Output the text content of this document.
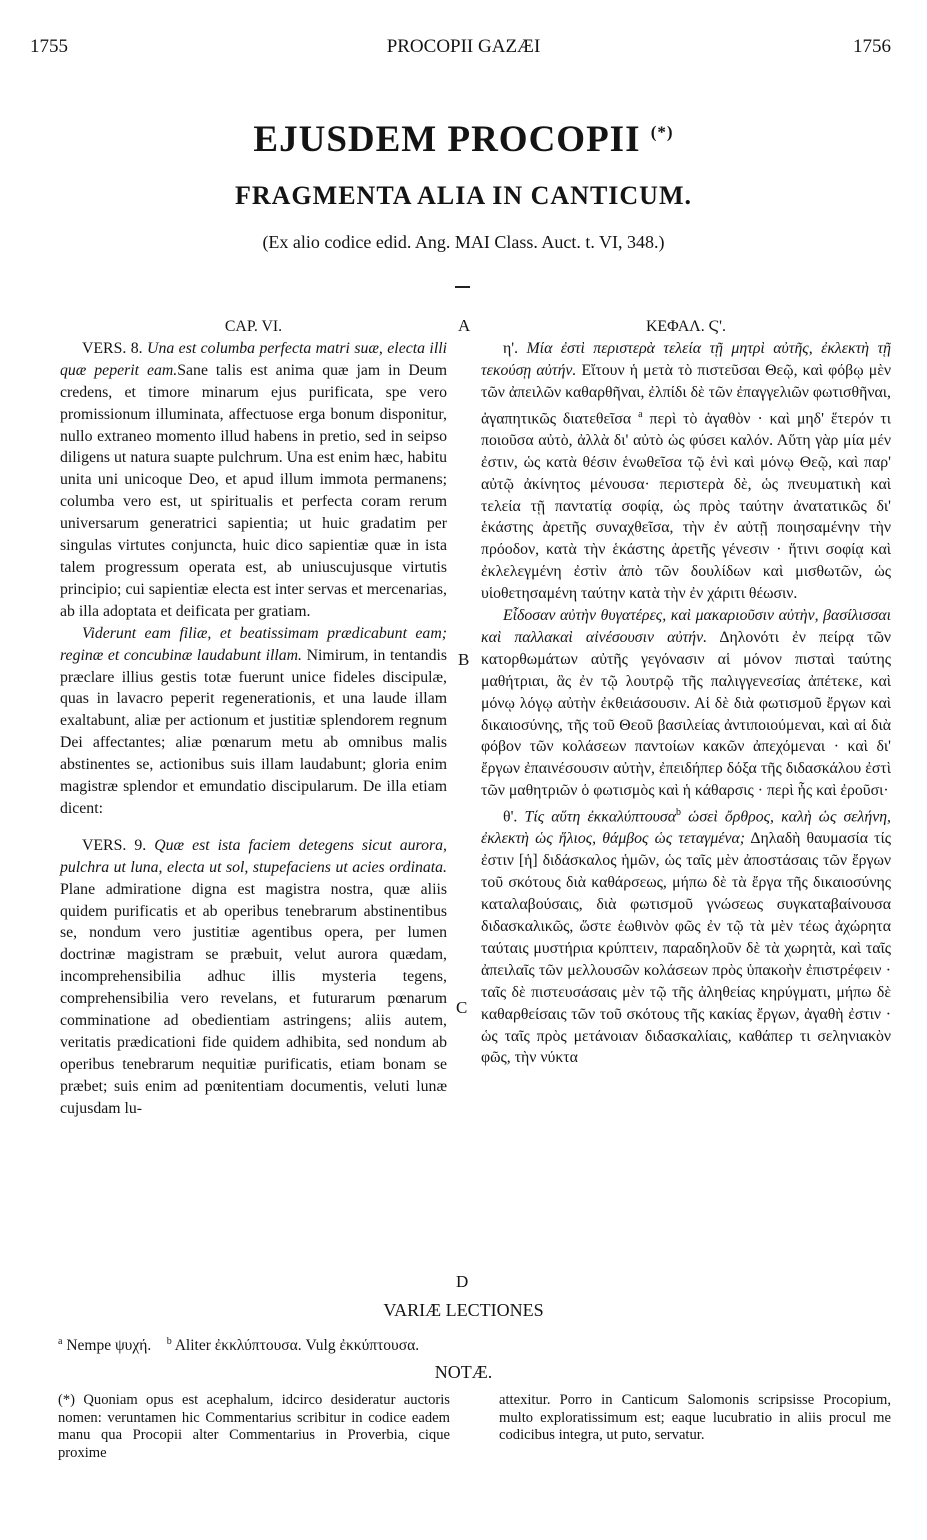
1755	PROCOPII GAZÆI	1756
EJUSDEM PROCOPII (*)
FRAGMENTA ALIA IN CANTICUM.
(Ex alio codice edid. Ang. MAI Class. Auct. t. VI, 348.)
A
B
C
D

CAP. VI.

VERS. 8. Una est columba perfecta matri suæ, electa illi quæ peperit eam.Sane talis est anima quæ jam in Deum credens, et timore minarum ejus purificata, spe vero promissionum illuminata, affectuose erga bonum disponitur, nullo extraneo momento illud habens in pretio, sed in seipso diligens ut natura suapte pulchrum. Una est enim hæc, habitu unita uni unicoque Deo, et apud illum immota permanens; columba vero est, ut spiritualis et perfecta coram rerum universarum generatrici sapientia; ut huic gradatim per singulas virtutes conjuncta, huic dico sapientiæ quæ in ista talem progressum operata est, ab uniuscujusque virtutis principio; cui sapientiæ electa est inter servas et mercenarias, ab illa adoptata et deificata per gratiam.

Viderunt eam filiæ, et beatissimam prædicabunt eam; reginæ et concubinæ laudabunt illam. Nimirum, in tentandis præclare illius gestis totæ fuerunt unice fideles discipulæ, quas in lavacro peperit regenerationis, et una laude illam exaltabunt, aliæ per actionum et justitiæ splendorem regnum Dei affectantes; aliæ pœnarum metu ab omnibus malis abstinentes se, actionibus suis illam laudabunt; gloria enim magistræ splendor et emundatio discipularum. De illa etiam dicent:

VERS. 9. Quæ est ista faciem detegens sicut aurora, pulchra ut luna, electa ut sol, stupefaciens ut acies ordinata. Plane admiratione digna est magistra nostra, quæ aliis quidem purificatis et ab operibus tenebrarum abstinentibus se, nondum vero justitiæ agentibus opera, per lumen doctrinæ magistram se præbuit, velut aurora quædam, incomprehensibilia adhuc illis mysteria tegens, comprehensibilia vero revelans, et futurarum pœnarum comminatione ad obedientiam astringens; aliis autem, veritatis prædicationi fide quidem adhibita, sed nondum ab operibus tenebrarum nequitiæ purificatis, etiam bonam se præbet; suis enim ad pœnitentiam documentis, veluti lunæ cujusdam lu-

ΚΕΦΑΛ. Ϛ'.

η'. Μία ἐστὶ περιστερὰ τελεία τῇ μητρὶ αὐτῆς, ἐκλεκτὴ τῇ τεκούσῃ αὐτήν. Εἴτουν ἡ μετὰ τὸ πιστεῦσαι Θεῷ, καὶ φόβῳ μὲν τῶν ἀπειλῶν καθαρθῆναι, ἐλπίδι δὲ τῶν ἐπαγγελιῶν φωτισθῆναι, ἀγαπητικῶς διατεθεῖσα $^a$ περὶ τὸ ἀγαθὸν · καὶ μηδ' ἕτερόν τι ποιοῦσα αὐτὸ, ἀλλὰ δι' αὐτὸ ὡς φύσει καλόν. Αὕτη γὰρ μία μέν ἐστιν, ὡς κατὰ θέσιν ἑνωθεῖσα τῷ ἑνὶ καὶ μόνῳ Θεῷ, καὶ παρ' αὐτῷ ἀκίνητος μένουσα· περιστερὰ δὲ, ὡς πνευματικὴ καὶ τελεία τῇ παντατίᾳ σοφίᾳ, ὡς πρὸς ταύτην ἀνατατικῶς δι' ἑκάστης ἀρετῆς συναχθεῖσα, τὴν ἐν αὐτῇ ποιησαμένην τὴν πρόοδον, κατὰ τὴν ἑκάστης ἀρετῆς γένεσιν · ἥτινι σοφίᾳ καὶ ἐκλελεγμένη ἐστὶν ἀπὸ τῶν δουλίδων καὶ μισθωτῶν, ὡς υἱοθετησαμένη ταύτην κατὰ τὴν ἐν χάριτι θέωσιν.

Εἶδοσαν αὐτὴν θυγατέρες, καὶ μακαριοῦσιν αὐτὴν, βασίλισσαι καὶ παλλακαὶ αἰνέσουσιν αὐτήν. Δηλονότι ἐν πείρᾳ τῶν κατορθωμάτων αὐτῆς γεγόνασιν αἱ μόνον πισταὶ ταύτης μαθήτριαι, ἃς ἐν τῷ λουτρῷ τῆς παλιγγενεσίας ἀπέτεκε, καὶ μόνῳ λόγῳ αὐτὴν ἐκθειάσουσιν. Αἱ δὲ διὰ φωτισμοῦ ἔργων καὶ δικαιοσύνης, τῆς τοῦ Θεοῦ βασιλείας ἀντιποιούμεναι, καὶ αἱ διὰ φόβον τῶν κολάσεων παντοίων κακῶν ἀπεχόμεναι · καὶ δι' ἔργων ἐπαινέσουσιν αὐτὴν, ἐπειδήπερ δόξα τῆς διδασκάλου ἐστὶ τῶν μαθητριῶν ὁ φωτισμὸς καὶ ἡ κάθαρσις · περὶ ἧς καὶ ἐροῦσι·

θ'. Τίς αὕτη ἐκκαλύπτουσα$^b$ ὡσεὶ ὄρθρος, καλὴ ὡς σελήνη, ἐκλεκτὴ ὡς ἥλιος, θάμβος ὡς τεταγμένα; Δηλαδὴ θαυμασία τίς ἐστιν [ἡ] διδάσκαλος ἡμῶν, ὡς ταῖς μὲν ἀποστάσαις τῶν ἔργων τοῦ σκότους διὰ καθάρσεως, μήπω δὲ τὰ ἔργα τῆς δικαιοσύνης καταλαβούσαις, διὰ φωτισμοῦ γνώσεως συγκαταβαίνουσα διδασκαλικῶς, ὥστε ἑωθινὸν φῶς ἐν τῷ τὰ μὲν τέως ἀχώρητα ταύταις μυστήρια κρύπτειν, παραδηλοῦν δὲ τὰ χωρητὰ, καὶ ταῖς ἀπειλαῖς τῶν μελλουσῶν κολάσεων πρὸς ὑπακοὴν ἐπιστρέφειν · ταῖς δὲ πιστευσάσαις μὲν τῷ τῆς ἀληθείας κηρύγματι, μήπω δὲ καθαρθείσαις τῶν τοῦ σκότους τῆς κακίας ἔργων, ἀγαθὴ ἐστιν · ὡς ταῖς πρὸς μετάνοιαν διδασκαλίαις, καθάπερ τι σεληνιακὸν φῶς, τὴν νύκτα

VARIÆ LECTIONES
$^a$ Nempe ψυχή. $^b$ Aliter ἐκκλύπτουσα. Vulg ἐκκύπτουσα.
NOTÆ.
(*) Quoniam opus est acephalum, idcirco desideratur auctoris nomen: veruntamen hic Commentarius scribitur in codice eadem manu qua Procopii alter Commentarius in Proverbia, cique proxime
attexitur. Porro in Canticum Salomonis scripsisse Procopium, multo exploratissimum est; eaque lucubratio in aliis procul me codicibus integra, ut puto, servatur.
